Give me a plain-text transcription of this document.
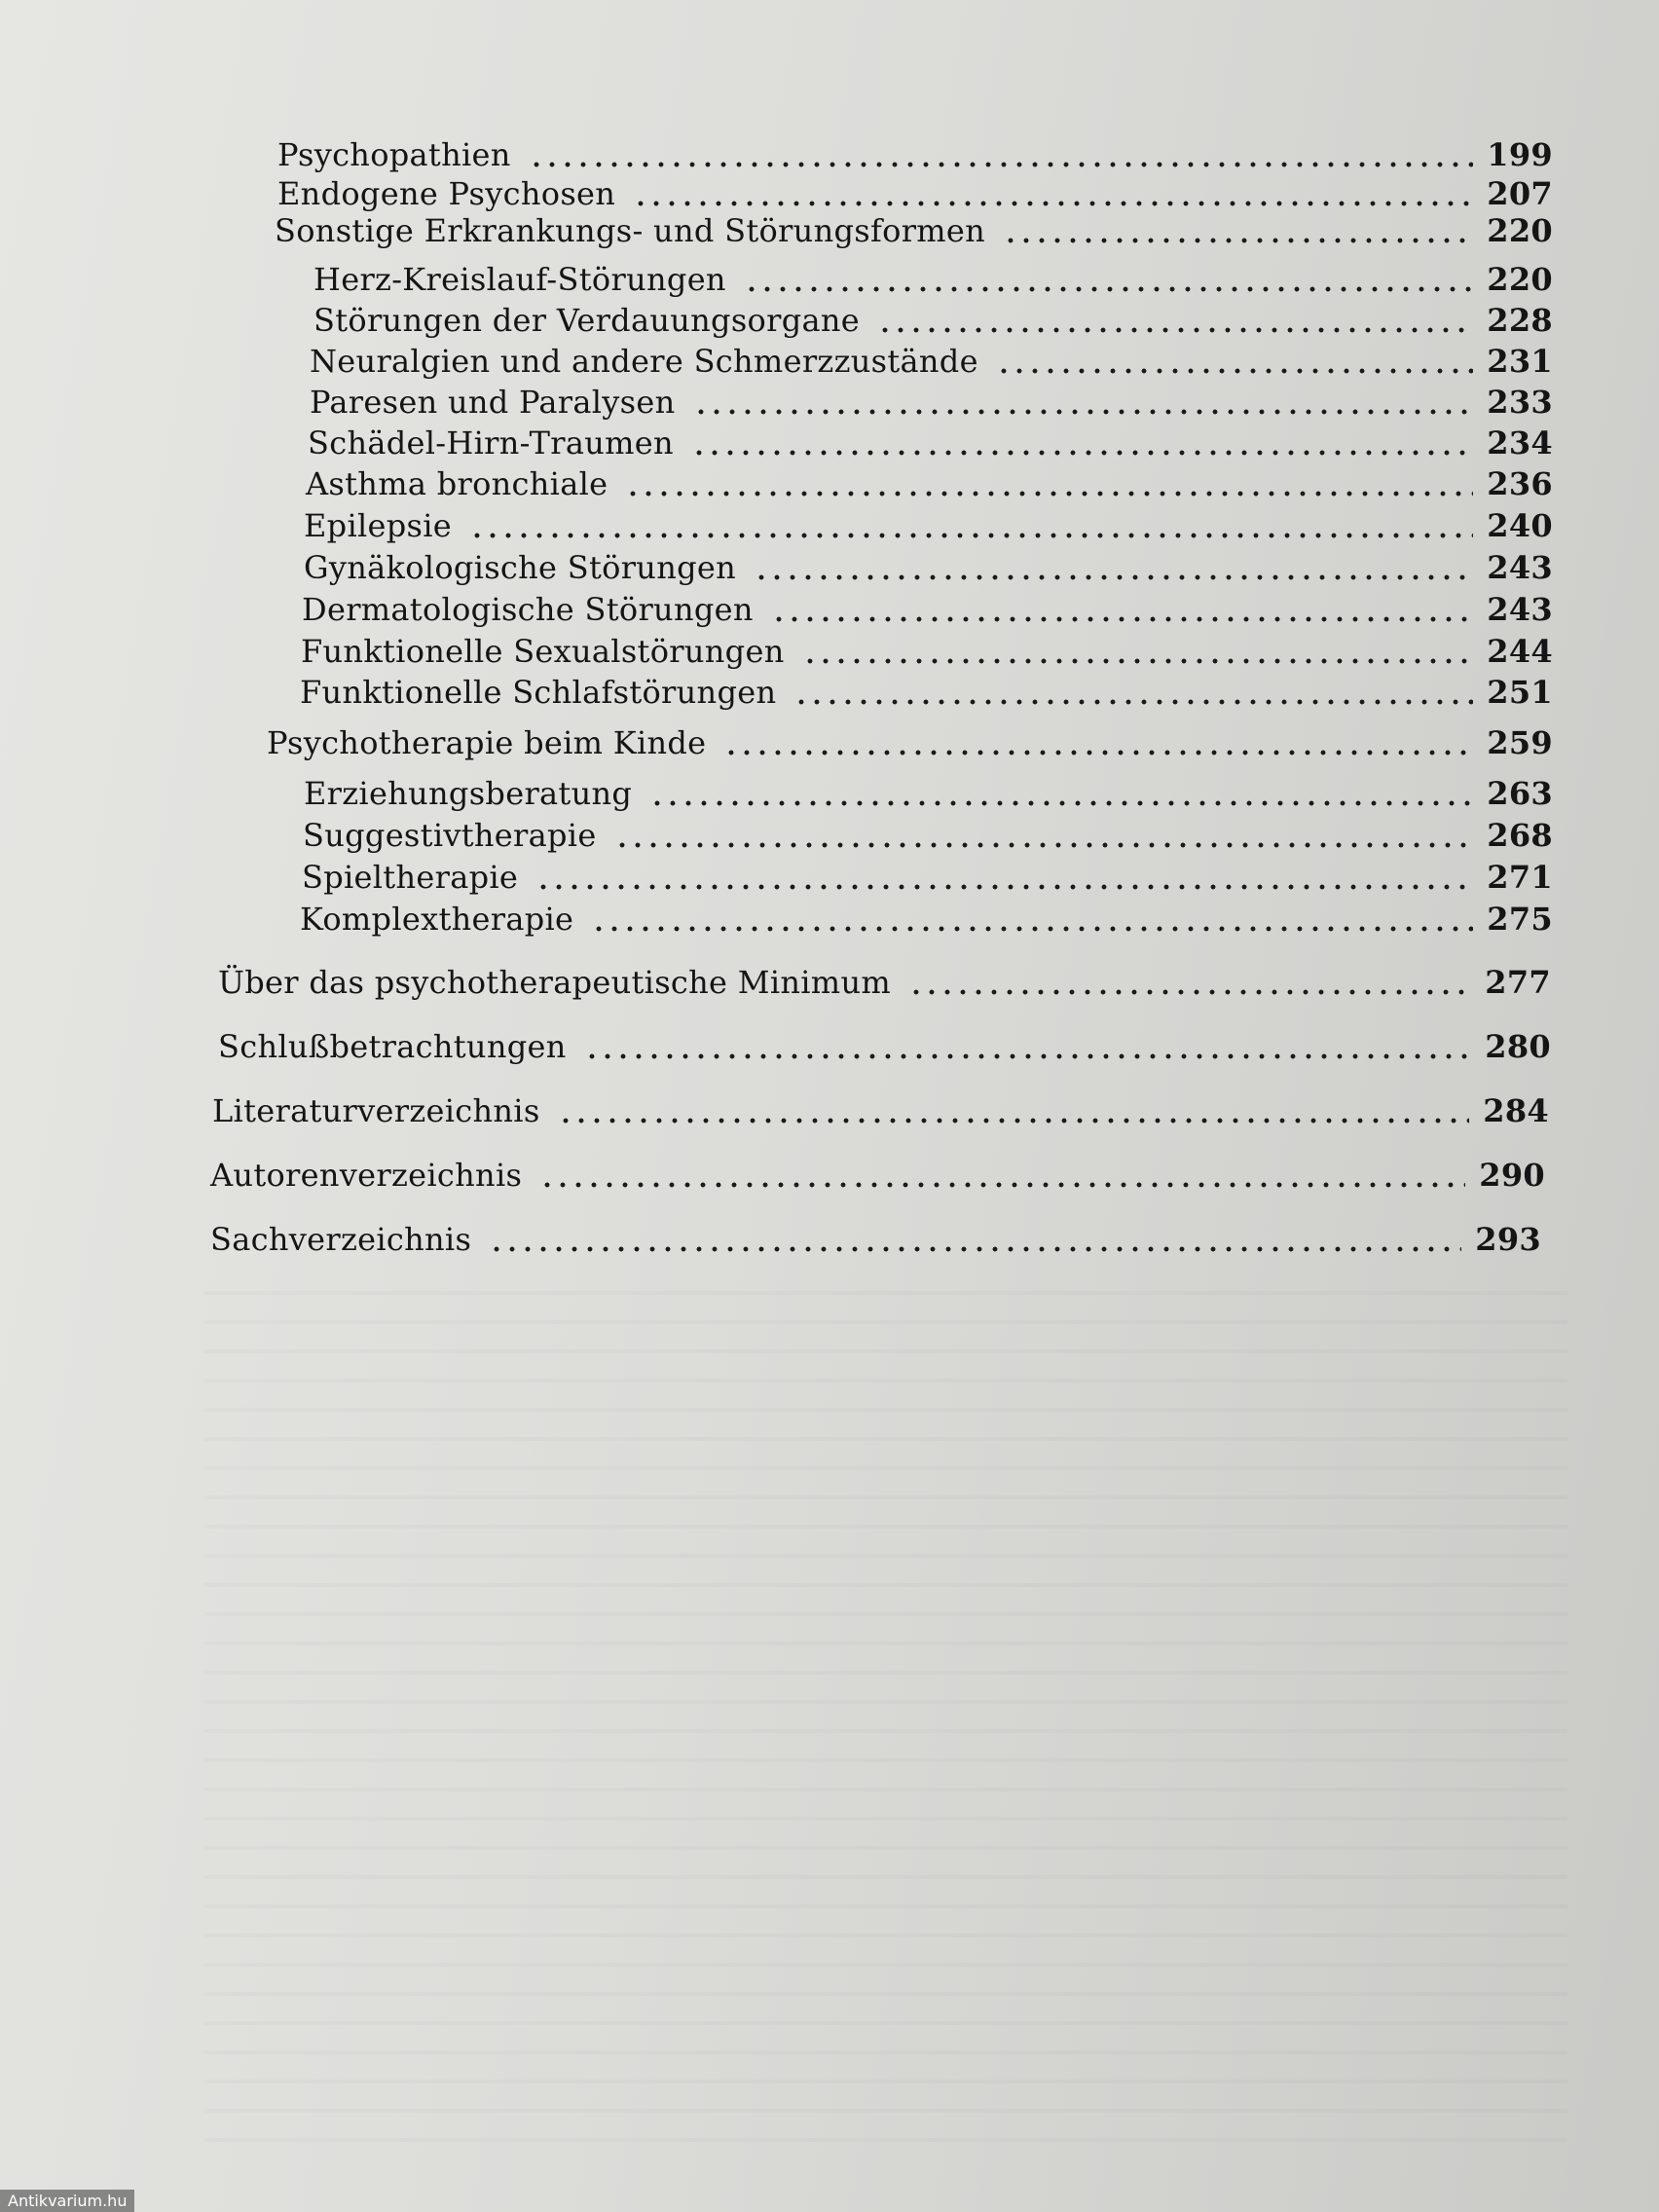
Psychopathien	199
Endogene Psychosen	207
Sonstige Erkrankungs- und Störungsformen	220
Herz-Kreislauf-Störungen	220
Störungen der Verdauungsorgane	228
Neuralgien und andere Schmerzzustände	231
Paresen und Paralysen	233
Schädel-Hirn-Traumen	234
Asthma bronchiale	236
Epilepsie	240
Gynäkologische Störungen	243
Dermatologische Störungen	243
Funktionelle Sexualstörungen	244
Funktionelle Schlafstörungen	251
Psychotherapie beim Kinde	259
Erziehungsberatung	263
Suggestivtherapie	268
Spieltherapie	271
Komplextherapie	275
Über das psychotherapeutische Minimum	277
Schlußbetrachtungen	280
Literaturverzeichnis	284
Autorenverzeichnis	290
Sachverzeichnis	293
Antikvarium.hu
